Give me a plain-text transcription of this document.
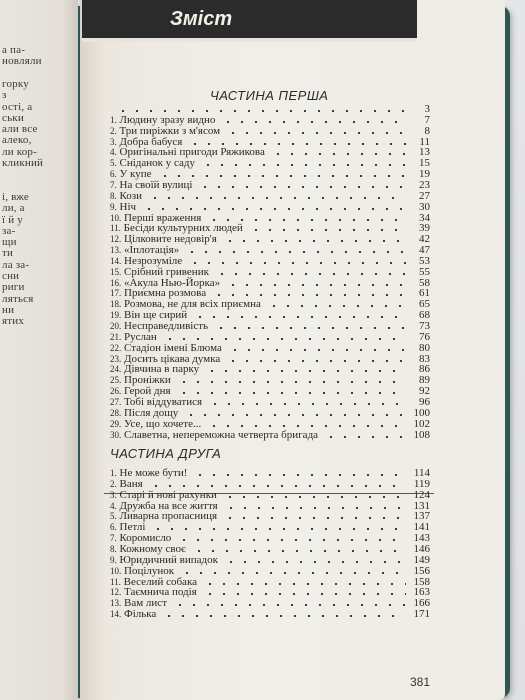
а па-
новляли
горку
з
ості, а
ськи
али все
алеко,
ли кор-
кликний
і, вже
ли, а
ї й у
за-
щи
ти
ла за-
сни
риги
ляться
ни
ятих
Зміст
ЧАСТИНА ПЕРША
3
1. Людину зразу видно	7
2. Три пиріжки з м'ясом	8
3. Добра бабуся	11
4. Оригінальні пригоди Ряжикова	13
5. Сніданок у саду	15
6. У купе	19
7. На своїй вулиці	23
8. Кози	27
9. Ніч	30
10. Перші враження	34
11. Бесіди культурних людей	39
12. Цілковите недовір'я	42
13. «Іплотація»	47
14. Незрозуміле	53
15. Срібний гривеник	55
16. «Акула Нью-Йорка»	58
17. Приємна розмова	61
18. Розмова, не для всіх приємна	65
19. Він ще сирий	68
20. Несправедливість	73
21. Руслан	76
22. Стадіон імені Блюма	80
23. Досить цікава думка	83
24. Дівчина в парку	86
25. Проніжки	89
26. Герой дня	92
27. Тобі віддуватися	96
28. Після дощу	100
29. Усе, що хочете...	102
30. Славетна, непереможна четверта бригада	108
ЧАСТИНА ДРУГА
1. Не може бути!	114
2. Ваня	119
3. Старі й нові рахунки	124
4. Дружба на все життя	131
5. Ливарна пропасниця	137
6. Петлі	141
7. Коромисло	143
8. Кожному своє	146
9. Юридичний випадок	149
10. Поцілунок	156
11. Веселий собака	158
12. Таємнича подія	163
13. Вам лист	166
14. Філька	171
381
